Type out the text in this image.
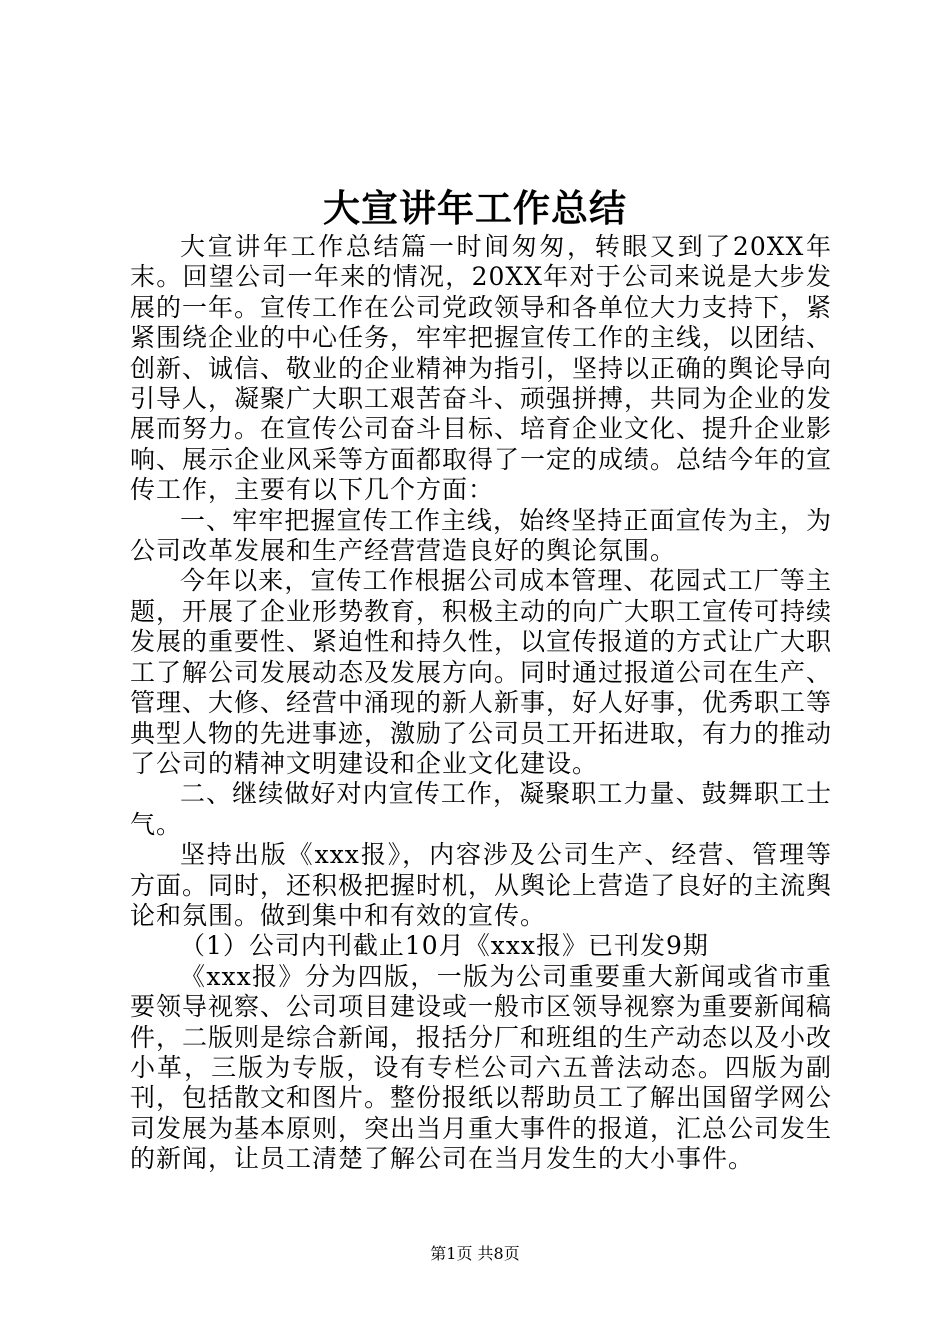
大宣讲年工作总结

大宣讲年工作总结篇一时间匆匆，转眼又到了20XX年末。回望公司一年来的情况，20XX年对于公司来说是大步发展的一年。宣传工作在公司党政领导和各单位大力支持下，紧紧围绕企业的中心任务，牢牢把握宣传工作的主线，以团结、创新、诚信、敬业的企业精神为指引，坚持以正确的舆论导向引导人，凝聚广大职工艰苦奋斗、顽强拼搏，共同为企业的发展而努力。在宣传公司奋斗目标、培育企业文化、提升企业影响、展示企业风采等方面都取得了一定的成绩。总结今年的宣传工作，主要有以下几个方面：

一、牢牢把握宣传工作主线，始终坚持正面宣传为主，为公司改革发展和生产经营营造良好的舆论氛围。

今年以来，宣传工作根据公司成本管理、花园式工厂等主题，开展了企业形势教育，积极主动的向广大职工宣传可持续发展的重要性、紧迫性和持久性，以宣传报道的方式让广大职工了解公司发展动态及发展方向。同时通过报道公司在生产、管理、大修、经营中涌现的新人新事，好人好事，优秀职工等典型人物的先进事迹，激励了公司员工开拓进取，有力的推动了公司的精神文明建设和企业文化建设。

二、继续做好对内宣传工作，凝聚职工力量、鼓舞职工士气。

坚持出版《xxx报》，内容涉及公司生产、经营、管理等方面。同时，还积极把握时机，从舆论上营造了良好的主流舆论和氛围。做到集中和有效的宣传。

（1）公司内刊截止10月《xxx报》已刊发9期

《xxx报》分为四版，一版为公司重要重大新闻或省市重要领导视察、公司项目建设或一般市区领导视察为重要新闻稿件，二版则是综合新闻，报括分厂和班组的生产动态以及小改小革，三版为专版，设有专栏公司六五普法动态。四版为副刊，包括散文和图片。整份报纸以帮助员工了解出国留学网公司发展为基本原则，突出当月重大事件的报道，汇总公司发生的新闻，让员工清楚了解公司在当月发生的大小事件。

第1页 共8页
